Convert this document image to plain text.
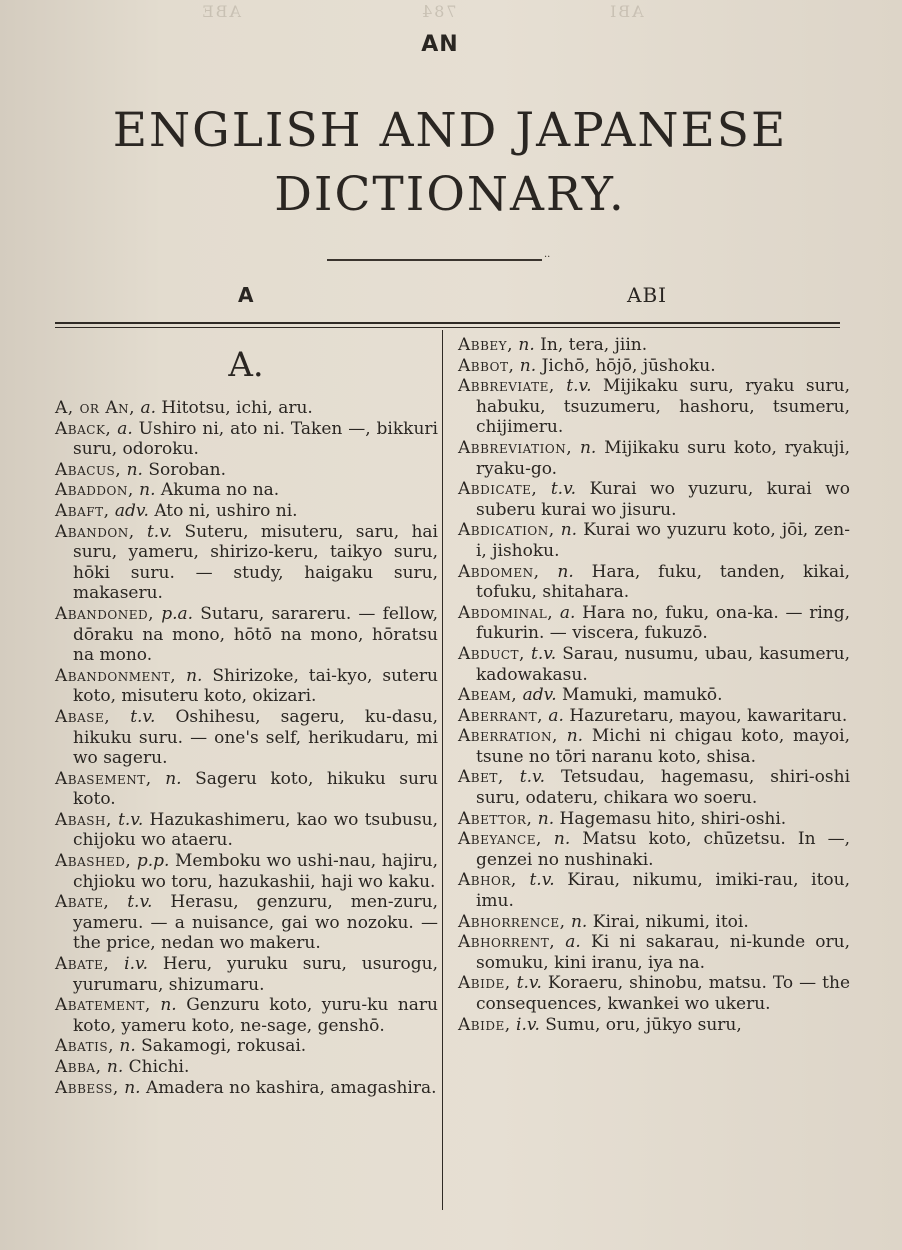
ABE	784	ABI
AN
ENGLISH AND JAPANESE
DICTIONARY.
··
A	ABI
A.
A, or An, a. Hitotsu, ichi, aru.
Aback, a. Ushiro ni, ato ni. Taken —, bikkuri suru, odoroku.
Abacus, n. Soroban.
Abaddon, n. Akuma no na.
Abaft, adv. Ato ni, ushiro ni.
Abandon, t.v. Suteru, misuteru, saru, hai suru, yameru, shirizo-keru, taikyo suru, hōki suru. — study, haigaku suru, makaseru.
Abandoned, p.a. Sutaru, sarareru. — fellow, dōraku na mono, hōtō na mono, hōratsu na mono.
Abandonment, n. Shirizoke, tai-kyo, suteru koto, misuteru koto, okizari.
Abase, t.v. Oshihesu, sageru, ku-dasu, hikuku suru. — one's self, herikudaru, mi wo sageru.
Abasement, n. Sageru koto, hikuku suru koto.
Abash, t.v. Hazukashimeru, kao wo tsubusu, chijoku wo ataeru.
Abashed, p.p. Memboku wo ushi-nau, hajiru, chjioku wo toru, hazukashii, haji wo kaku.
Abate, t.v. Herasu, genzuru, men-zuru, yameru. — a nuisance, gai wo nozoku. — the price, nedan wo makeru.
Abate, i.v. Heru, yuruku suru, usurogu, yurumaru, shizumaru.
Abatement, n. Genzuru koto, yuru-ku naru koto, yameru koto, ne-sage, genshō.
Abatis, n. Sakamogi, rokusai.
Abba, n. Chichi.
Abbess, n. Amadera no kashira, amagashira.
Abbey, n. In, tera, jiin.
Abbot, n. Jichō, hōjō, jūshoku.
Abbreviate, t.v. Mijikaku suru, ryaku suru, habuku, tsuzumeru, hashoru, tsumeru, chijimeru.
Abbreviation, n. Mijikaku suru koto, ryakuji, ryaku-go.
Abdicate, t.v. Kurai wo yuzuru, kurai wo suberu kurai wo jisuru.
Abdication, n. Kurai wo yuzuru koto, jōi, zen-i, jishoku.
Abdomen, n. Hara, fuku, tanden, kikai, tofuku, shitahara.
Abdominal, a. Hara no, fuku, ona-ka. — ring, fukurin. — viscera, fukuzō.
Abduct, t.v. Sarau, nusumu, ubau, kasumeru, kadowakasu.
Abeam, adv. Mamuki, mamukō.
Aberrant, a. Hazuretaru, mayou, kawaritaru.
Aberration, n. Michi ni chigau koto, mayoi, tsune no tōri naranu koto, shisa.
Abet, t.v. Tetsudau, hagemasu, shiri-oshi suru, odateru, chikara wo soeru.
Abettor, n. Hagemasu hito, shiri-oshi.
Abeyance, n. Matsu koto, chūzetsu. In —, genzei no nushinaki.
Abhor, t.v. Kirau, nikumu, imiki-rau, itou, imu.
Abhorrence, n. Kirai, nikumi, itoi.
Abhorrent, a. Ki ni sakarau, ni-kunde oru, somuku, kini iranu, iya na.
Abide, t.v. Koraeru, shinobu, matsu. To — the consequences, kwankei wo ukeru.
Abide, i.v. Sumu, oru, jūkyo suru,
